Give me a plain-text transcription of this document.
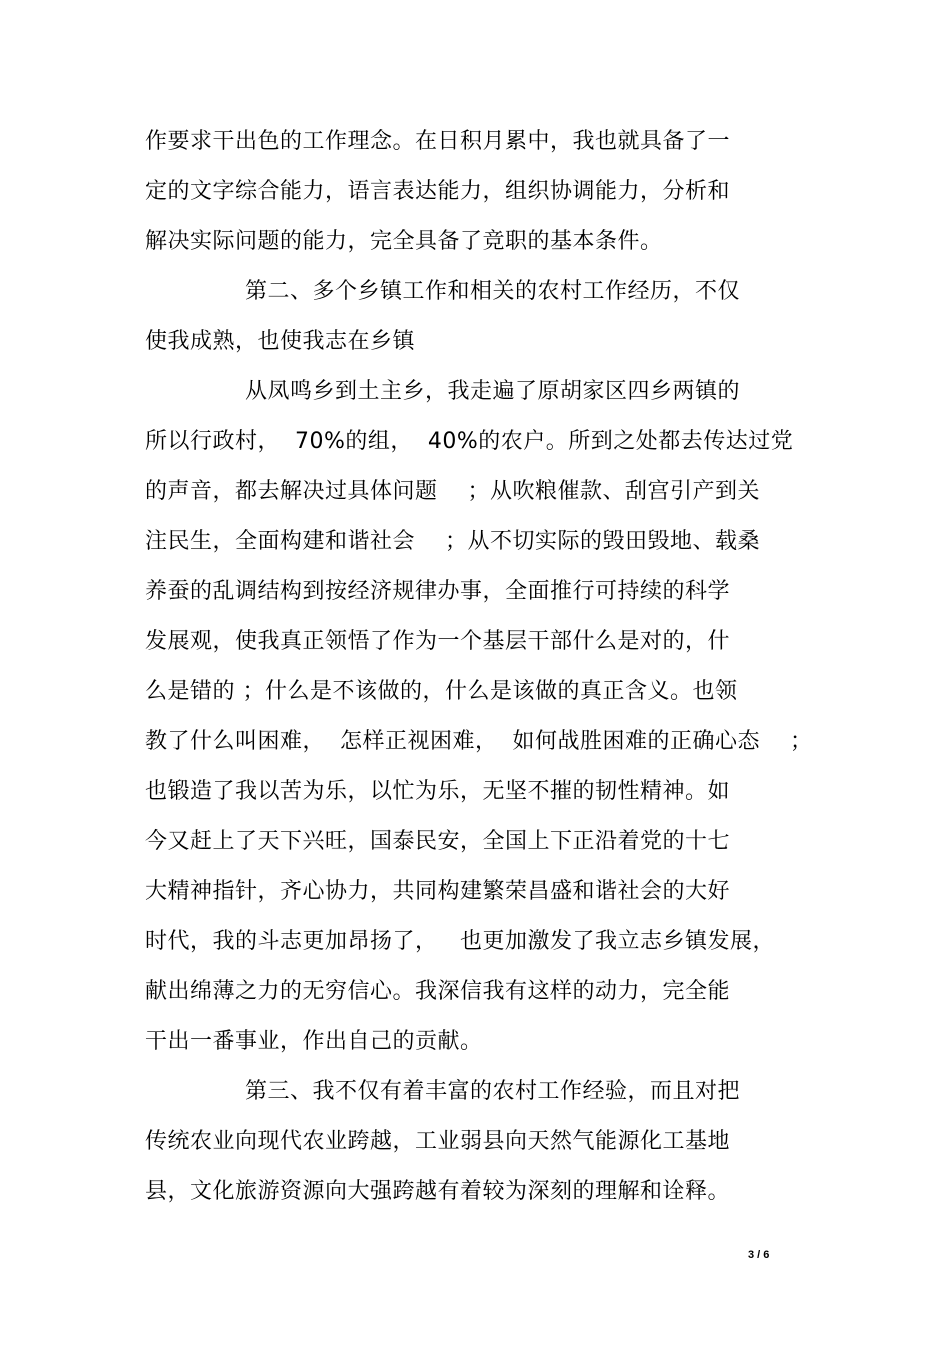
作要求干出色的工作理念。在日积月累中，我也就具备了一
定的文字综合能力，语言表达能力，组织协调能力，分析和
解决实际问题的能力，完全具备了竞职的基本条件。
第二、多个乡镇工作和相关的农村工作经历，不仅
使我成熟，也使我志在乡镇
从凤鸣乡到土主乡，我走遍了原胡家区四乡两镇的
所以行政村，  70%的组，  40%的农户。所到之处都去传达过党
的声音，都去解决过具体问题    ；从吹粮催款、刮宫引产到关
注民生，全面构建和谐社会    ；从不切实际的毁田毁地、载桑
养蚕的乱调结构到按经济规律办事，全面推行可持续的科学
发展观，使我真正领悟了作为一个基层干部什么是对的，什
么是错的 ；什么是不该做的，什么是该做的真正含义。也领
教了什么叫困难，  怎样正视困难，  如何战胜困难的正确心态    ；
也锻造了我以苦为乐，以忙为乐，无坚不摧的韧性精神。如
今又赶上了天下兴旺，国泰民安，全国上下正沿着党的十七
大精神指针，齐心协力，共同构建繁荣昌盛和谐社会的大好
时代，我的斗志更加昂扬了，   也更加激发了我立志乡镇发展，
献出绵薄之力的无穷信心。我深信我有这样的动力，完全能
干出一番事业，作出自己的贡献。
第三、我不仅有着丰富的农村工作经验，而且对把
传统农业向现代农业跨越，工业弱县向天然气能源化工基地
县，文化旅游资源向大强跨越有着较为深刻的理解和诠释。
3 / 6
